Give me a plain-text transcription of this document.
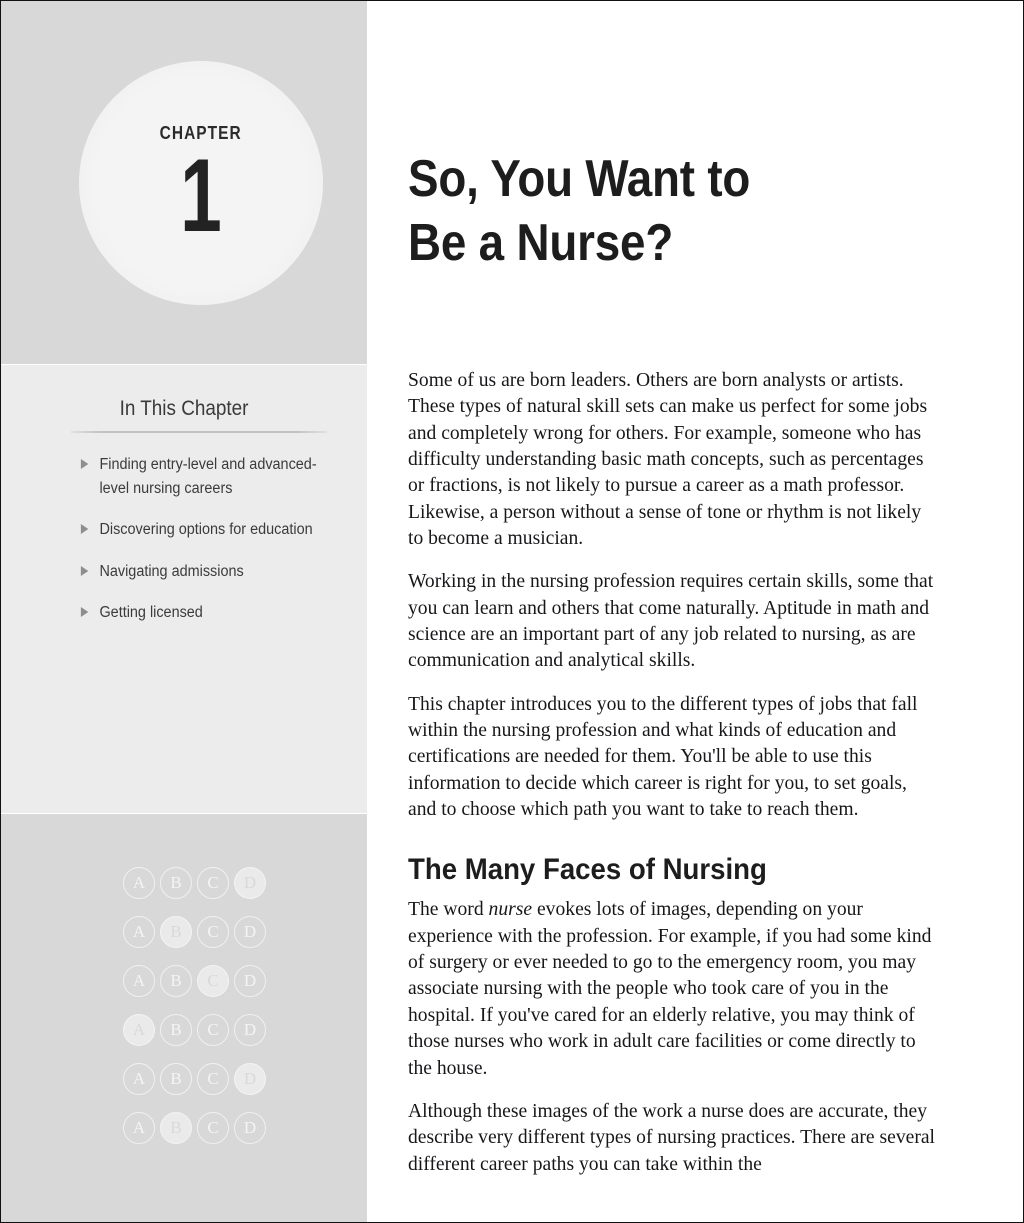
CHAPTER
1
In This Chapter
Finding entry-level and advanced-level nursing careers
Discovering options for education
Navigating admissions
Getting licensed
A	B	C	D
A	B	C	D
A	B	C	D
A	B	C	D
A	B	C	D
A	B	C	D
So, You Want to
Be a Nurse?

Some of us are born leaders. Others are born analysts or artists. These types of natural skill sets can make us perfect for some jobs and completely wrong for others. For example, someone who has difficulty understanding basic math concepts, such as percentages or fractions, is not likely to pursue a career as a math professor. Likewise, a person without a sense of tone or rhythm is not likely to become a musician.

Working in the nursing profession requires certain skills, some that you can learn and others that come naturally. Aptitude in math and science are an important part of any job related to nursing, as are communication and analytical skills.

This chapter introduces you to the different types of jobs that fall within the nursing profession and what kinds of education and certifications are needed for them. You'll be able to use this information to decide which career is right for you, to set goals, and to choose which path you want to take to reach them.

The Many Faces of Nursing

The word nurse evokes lots of images, depending on your experience with the profession. For example, if you had some kind of surgery or ever needed to go to the emergency room, you may associate nursing with the people who took care of you in the hospital. If you've cared for an elderly relative, you may think of those nurses who work in adult care facilities or come directly to the house.

Although these images of the work a nurse does are accurate, they describe very different types of nursing practices. There are several different career paths you can take within the
